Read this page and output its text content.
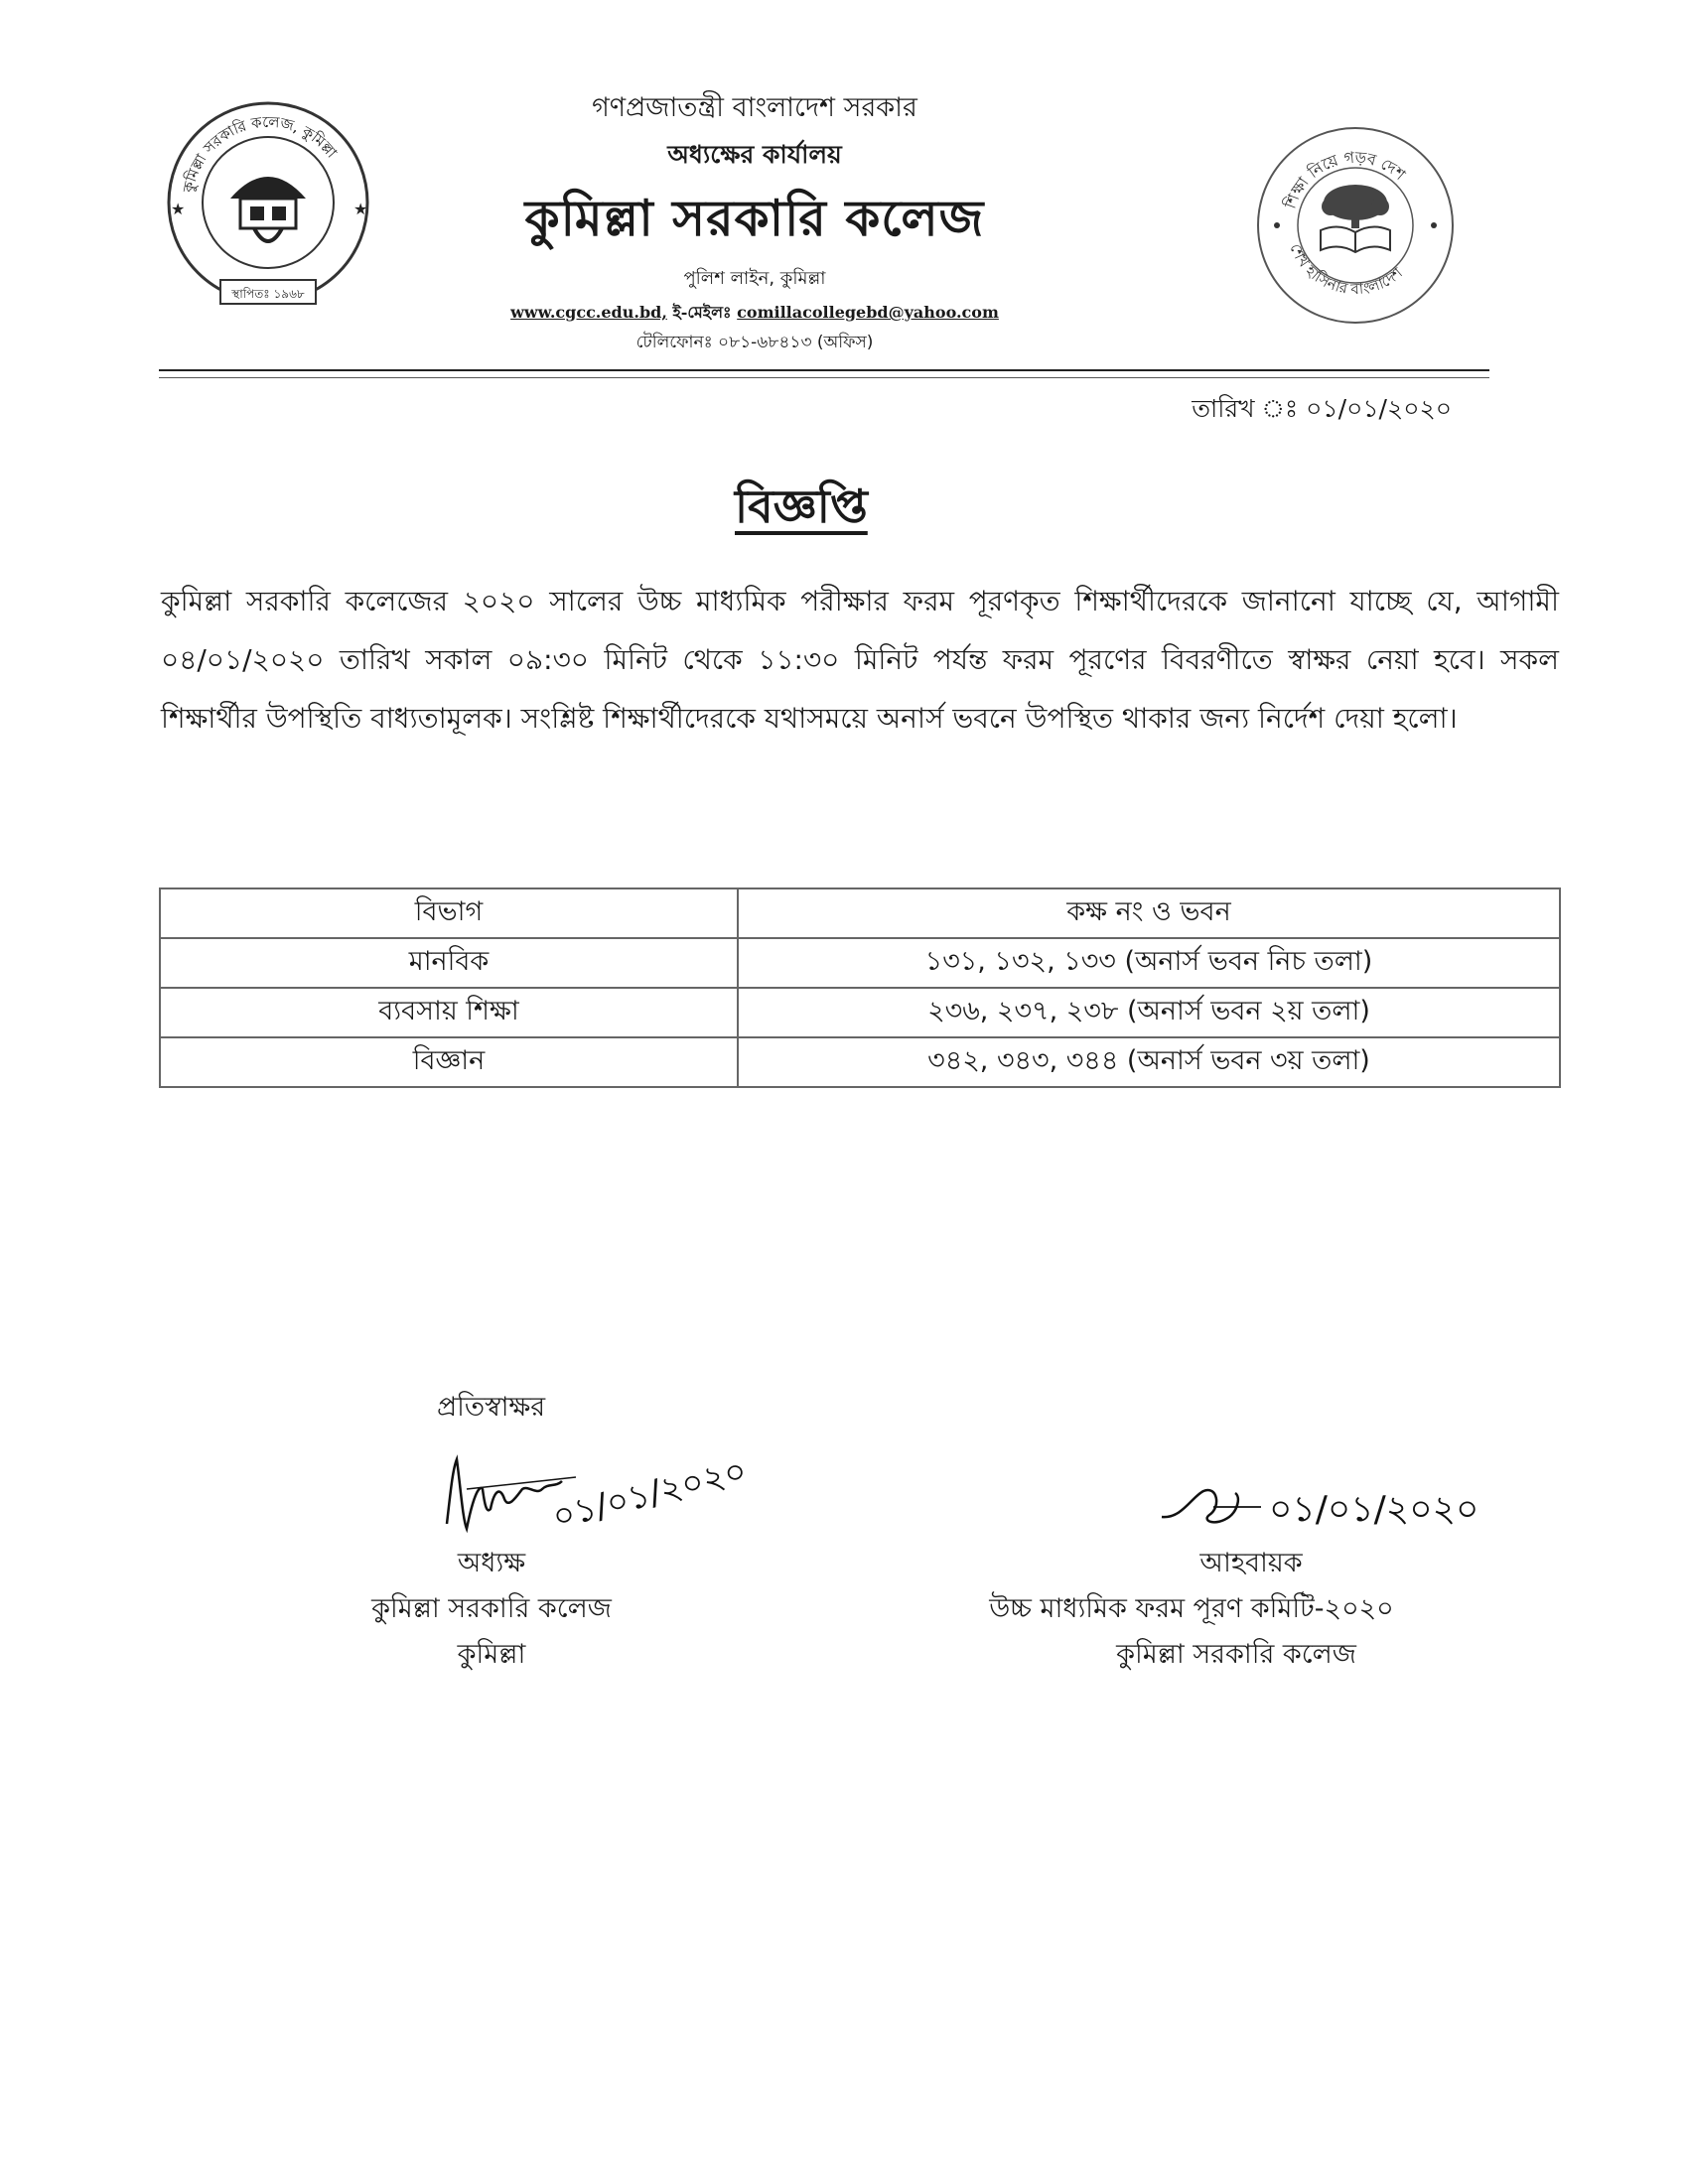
কুমিল্লা সরকারি কলেজ, কুমিল্লা
★	★
স্থাপিতঃ ১৯৬৮
শিক্ষা নিয়ে গড়ব দেশ
শেখ হাসিনার বাংলাদেশ
গণপ্রজাতন্ত্রী বাংলাদেশ সরকার
অধ্যক্ষের কার্যালয়
কুমিল্লা সরকারি কলেজ
পুলিশ লাইন, কুমিল্লা
www.cgcc.edu.bd, ই-মেইলঃ comillacollegebd@yahoo.com
টেলিফোনঃ ০৮১-৬৮৪১৩ (অফিস)
তারিখ ঃ ০১/০১/২০২০
বিজ্ঞপ্তি
কুমিল্লা সরকারি কলেজের ২০২০ সালের উচ্চ মাধ্যমিক পরীক্ষার ফরম পূরণকৃত শিক্ষার্থীদেরকে জানানো যাচ্ছে যে, আগামী ০৪/০১/২০২০ তারিখ সকাল ০৯:৩০ মিনিট থেকে ১১:৩০ মিনিট পর্যন্ত ফরম পূরণের বিবরণীতে স্বাক্ষর নেয়া হবে। সকল শিক্ষার্থীর উপস্থিতি বাধ্যতামূলক। সংশ্লিষ্ট শিক্ষার্থীদেরকে যথাসময়ে অনার্স ভবনে উপস্থিত থাকার জন্য নির্দেশ দেয়া হলো।
বিভাগ	কক্ষ নং ও ভবন
মানবিক	১৩১, ১৩২, ১৩৩ (অনার্স ভবন নিচ তলা)
ব্যবসায় শিক্ষা	২৩৬, ২৩৭, ২৩৮ (অনার্স ভবন ২য় তলা)
বিজ্ঞান	৩৪২, ৩৪৩, ৩৪৪ (অনার্স ভবন ৩য় তলা)
প্রতিস্বাক্ষর
০১/০১/২০২০
অধ্যক্ষ
কুমিল্লা সরকারি কলেজ
কুমিল্লা
০১/০১/২০২০
আহবায়ক
উচ্চ মাধ্যমিক ফরম পূরণ কমিটি-২০২০
কুমিল্লা সরকারি কলেজ
